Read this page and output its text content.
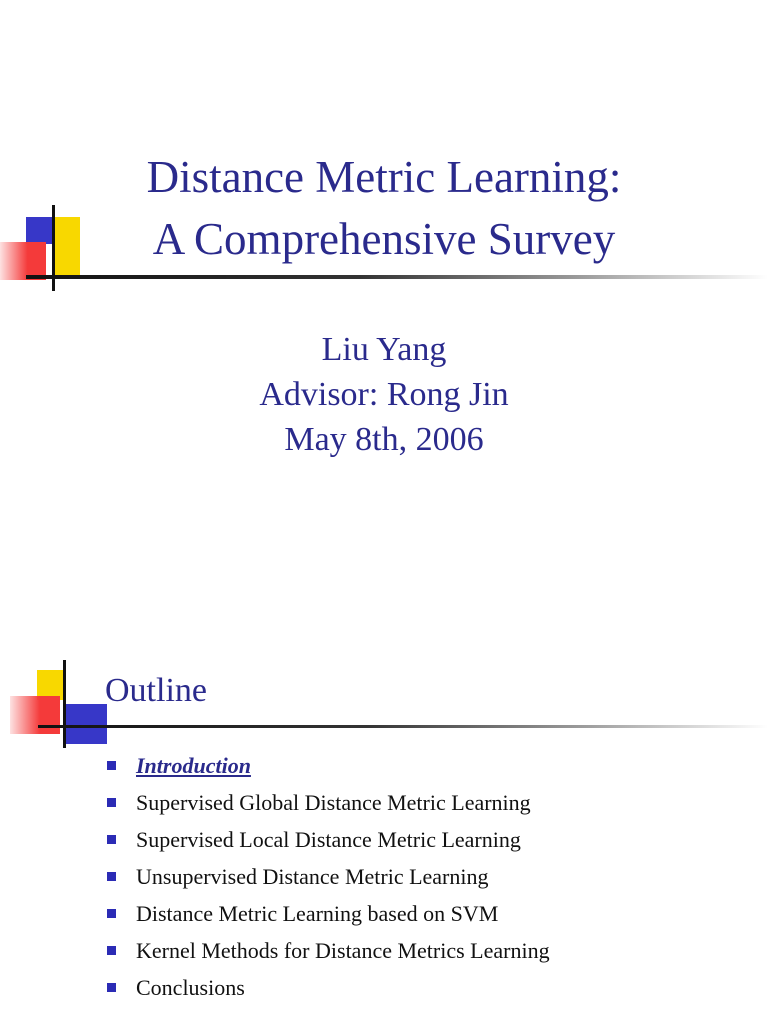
Distance Metric Learning:
A Comprehensive Survey
Liu Yang
Advisor: Rong Jin
May 8th, 2006
Outline
Introduction
Supervised Global Distance Metric Learning
Supervised Local Distance Metric Learning
Unsupervised Distance Metric Learning
Distance Metric Learning based on SVM
Kernel Methods for Distance Metrics Learning
Conclusions
